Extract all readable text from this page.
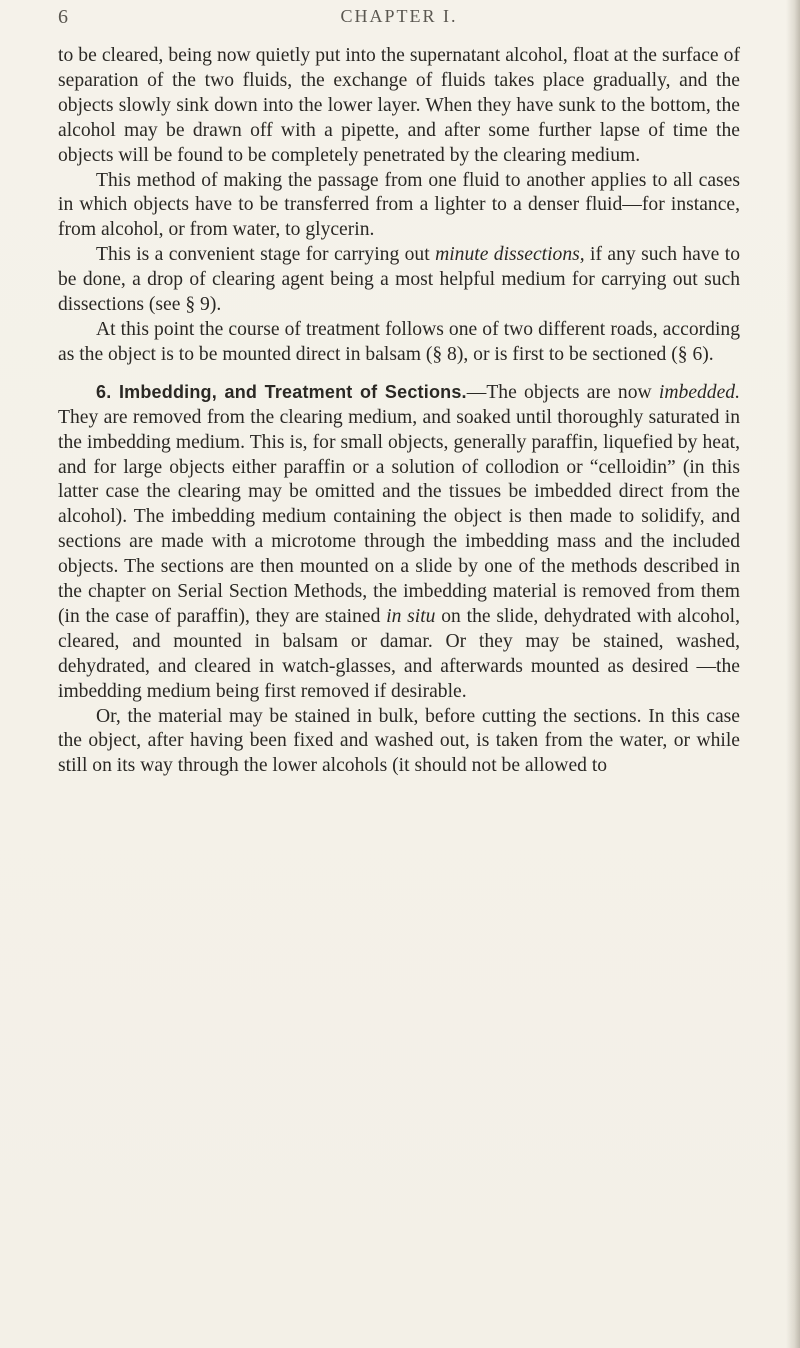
6	CHAPTER I.

to be cleared, being now quietly put into the supernatant alcohol, float at the surface of separation of the two fluids, the exchange of fluids takes place gradually, and the objects slowly sink down into the lower layer. When they have sunk to the bottom, the alcohol may be drawn off with a pipette, and after some further lapse of time the objects will be found to be completely penetrated by the clearing medium.

This method of making the passage from one fluid to another applies to all cases in which objects have to be transferred from a lighter to a denser fluid—for instance, from alcohol, or from water, to glycerin.

This is a convenient stage for carrying out minute dissections, if any such have to be done, a drop of clearing agent being a most helpful medium for carrying out such dissections (see § 9).

At this point the course of treatment follows one of two different roads, according as the object is to be mounted direct in balsam (§ 8), or is first to be sectioned (§ 6).

6. Imbedding, and Treatment of Sections.—The objects are now imbedded. They are removed from the clearing medium, and soaked until thoroughly saturated in the imbedding medium. This is, for small objects, generally paraffin, liquefied by heat, and for large objects either paraffin or a solution of collodion or “celloidin” (in this latter case the clearing may be omitted and the tissues be imbedded direct from the alcohol). The imbedding medium containing the object is then made to solidify, and sections are made with a microtome through the imbedding mass and the included objects. The sections are then mounted on a slide by one of the methods described in the chapter on Serial Section Methods, the imbedding material is removed from them (in the case of paraffin), they are stained in situ on the slide, dehydrated with alcohol, cleared, and mounted in balsam or damar. Or they may be stained, washed, dehydrated, and cleared in watch-glasses, and afterwards mounted as desired —the imbedding medium being first removed if desirable.

Or, the material may be stained in bulk, before cutting the sections. In this case the object, after having been fixed and washed out, is taken from the water, or while still on its way through the lower alcohols (it should not be allowed to
